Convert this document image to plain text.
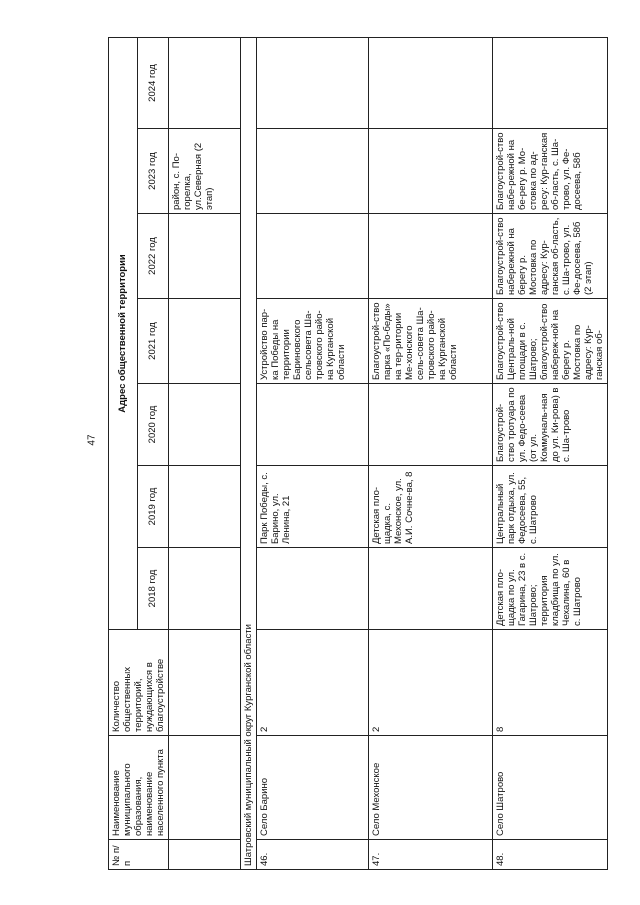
47
№ п/п	Наименование муниципального образования, наименование населенного пункта	Количество общественных территорий, нуждающихся в благоустройстве	Адрес общественной территории						
			2018 год	2019 год	2020 год	2021 год	2022 год	2023 год	2024 год
								район, с. По-горелка, ул.Северная (2 этап)	
Шатровский муниципальный округ Курганской области									
46.	Село Барино	2		Парк Победы, с. Барино, ул. Ленина, 21		Устройство пар-ка Победы на территории Бариновского сельсовета Ша-тровского райо-на Курганской области			
47.	Село Мехонское	2		Детская пло-щадка, с. Мехонское, ул. А.И. Сочне-ва, 8		Благоустрой-ство парка «По-беды» на тер-ритории Ме-хонского сель-совета Ша-тровского райо-на Курганской области			
48.	Село Шатрово	8	Детская пло-щадка по ул. Гагарина, 23 в с. Шатрово; территория кладбища по ул. Чехалина, 60 в с. Шатрово	Центральный парк отдыха, ул. Федосеева, 55, с. Шатрово	Благоустрой-ство тротуара по ул. Федо-сеева (от ул. Коммуналь-ная до ул. Ки-рова) в с. Ша-трово	Благоустрой-ство Централь-ной площади в с. Шатрово; благоустрой-ство набереж-ной на берегу р. Мостовка по адресу: Кур-ганская об-	Благоустрой-ство набережной на берегу р. Мостовка по адресу: Кур-ганская об-ласть, с. Ша-трово, ул. Фе-досеева, 58б (2 этап)	Благоустрой-ство набе-режной на бе-регу р. Мо-стовка по ад-ресу: Кур-ганская об-ласть, с. Ша-трово, ул. Фе-досеева, 58б	
